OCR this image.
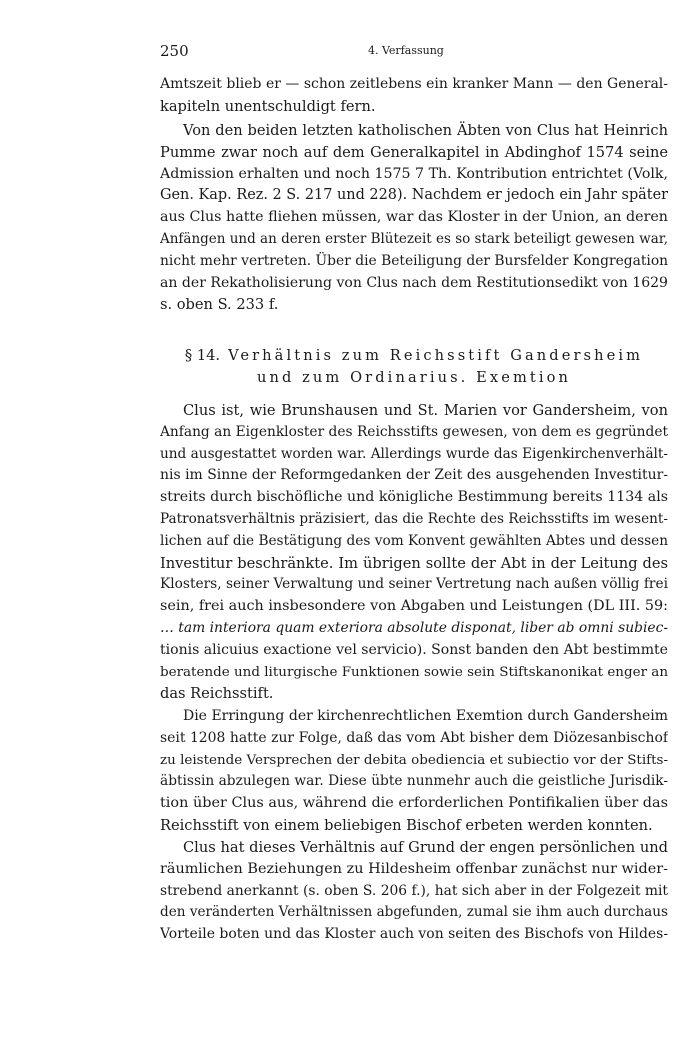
250	4. Verfassung
Amtszeit blieb er — schon zeitlebens ein kranker Mann — den General-
kapiteln unentschuldigt fern.
Von den beiden letzten katholischen Äbten von Clus hat Heinrich
Pumme zwar noch auf dem Generalkapitel in Abdinghof 1574 seine
Admission erhalten und noch 1575 7 Th. Kontribution entrichtet (Volk,
Gen. Kap. Rez. 2 S. 217 und 228). Nachdem er jedoch ein Jahr später
aus Clus hatte fliehen müssen, war das Kloster in der Union, an deren
Anfängen und an deren erster Blütezeit es so stark beteiligt gewesen war,
nicht mehr vertreten. Über die Beteiligung der Bursfelder Kongregation
an der Rekatholisierung von Clus nach dem Restitutionsedikt von 1629
s. oben S. 233 f.
§ 14. Verhältnis zum Reichsstift Gandersheim
und zum Ordinarius. Exemtion
Clus ist, wie Brunshausen und St. Marien vor Gandersheim, von
Anfang an Eigenkloster des Reichsstifts gewesen, von dem es gegründet
und ausgestattet worden war. Allerdings wurde das Eigenkirchenverhält-
nis im Sinne der Reformgedanken der Zeit des ausgehenden Investitur-
streits durch bischöfliche und königliche Bestimmung bereits 1134 als
Patronatsverhältnis präzisiert, das die Rechte des Reichsstifts im wesent-
lichen auf die Bestätigung des vom Konvent gewählten Abtes und dessen
Investitur beschränkte. Im übrigen sollte der Abt in der Leitung des
Klosters, seiner Verwaltung und seiner Vertretung nach außen völlig frei
sein, frei auch insbesondere von Abgaben und Leistungen (DL III. 59:
… tam interiora quam exteriora absolute disponat, liber ab omni subiec-
tionis alicuius exactione vel servicio). Sonst banden den Abt bestimmte
beratende und liturgische Funktionen sowie sein Stiftskanonikat enger an
das Reichsstift.
Die Erringung der kirchenrechtlichen Exemtion durch Gandersheim
seit 1208 hatte zur Folge, daß das vom Abt bisher dem Diözesanbischof
zu leistende Versprechen der debita obediencia et subiectio vor der Stifts-
äbtissin abzulegen war. Diese übte nunmehr auch die geistliche Jurisdik-
tion über Clus aus, während die erforderlichen Pontifikalien über das
Reichsstift von einem beliebigen Bischof erbeten werden konnten.
Clus hat dieses Verhältnis auf Grund der engen persönlichen und
räumlichen Beziehungen zu Hildesheim offenbar zunächst nur wider-
strebend anerkannt (s. oben S. 206 f.), hat sich aber in der Folgezeit mit
den veränderten Verhältnissen abgefunden, zumal sie ihm auch durchaus
Vorteile boten und das Kloster auch von seiten des Bischofs von Hildes-
